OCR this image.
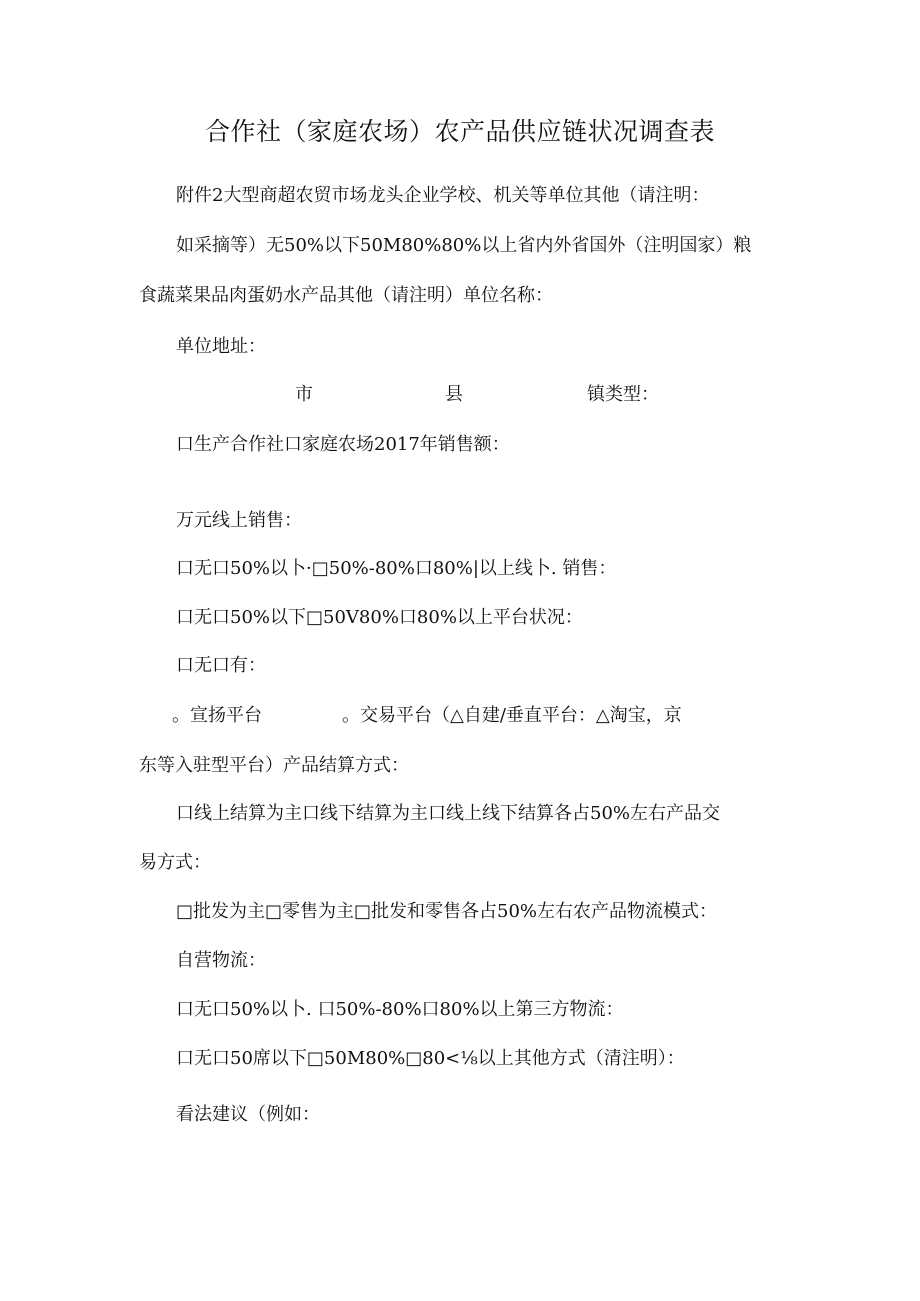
合作社（家庭农场）农产品供应链状况调查表
附件2大型商超农贸市场龙头企业学校、机关等单位其他（请注明：
如采摘等）无50%以下50M80%80%以上省内外省国外（注明国家）粮
食蔬菜果品肉蛋奶水产品其他（请注明）单位名称：
单位地址：
市	县	镇类型：
口生产合作社口家庭农场2017年销售额：
万元线上销售：
口无口50%以卜·□50%-80%口80%|以上线卜. 销售：
口无口50%以下□50V80%口80%以上平台状况：
口无口有：
。宣扬平台	。交易平台（△自建/垂直平台：△淘宝，京
东等入驻型平台）产品结算方式：
口线上结算为主口线下结算为主口线上线下结算各占50%左右产品交
易方式：
□批发为主□零售为主□批发和零售各占50%左右农产品物流模式：
自营物流：
口无口50%以卜. 口50%-80%口80%以上第三方物流：
口无口50席以下□50M80%□80<⅛以上其他方式（清注明）：
看法建议（例如：
